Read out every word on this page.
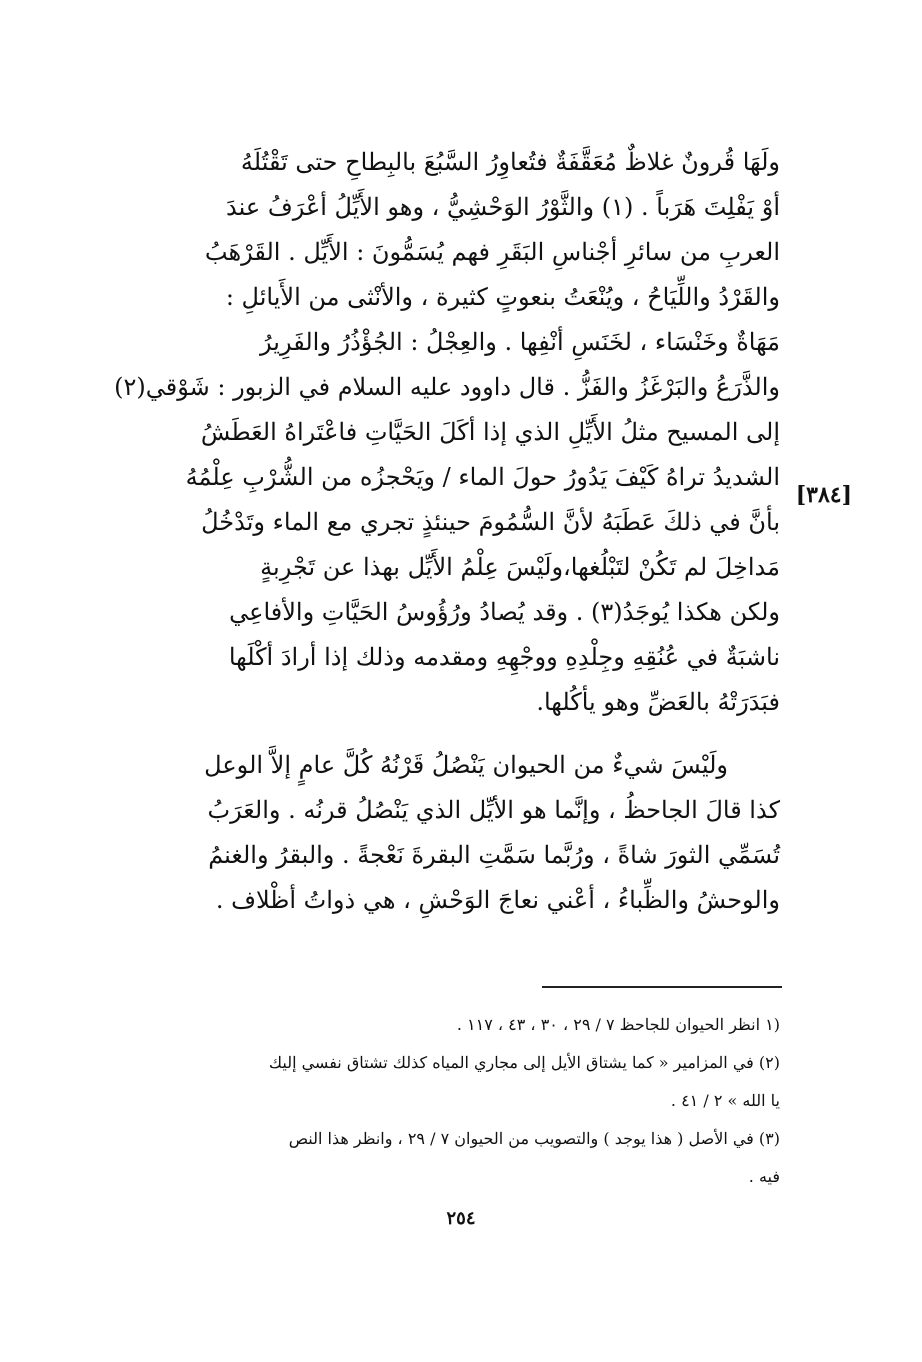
ولَهَا قُرونٌ غلاظٌ مُعَقَّفَةٌ فتُعاوِرُ السَّبُعَ بالبِطاحِ حتى تَقْتُلَهُ
أوْ يَفْلِتَ هَرَباً . (١) والثَّوْرُ الوَحْشِيُّ ، وهو الأَيِّلُ أعْرَفُ عندَ
العربِ من سائرِ أجْناسِ البَقَرِ فهم يُسَمُّونَ : الأَيِّل . القَرْهَبُ
والقَرْدُ واللِّيَاحُ ، ويُنْعَتُ بنعوتٍ كثيرة ، والأنْثى من الأَيائلِ :
مَهَاةٌ وخَنْسَاء ، لخَنَسِ أنْفِها . والعِجْلُ : الجُؤْذُرُ والفَرِيرُ
والذَّرَعُ والبَرْغَزُ والفَزُّ . قال داوود عليه السلام في الزبور : شَوْقي(٢)
إلى المسيح مثلُ الأَيِّلِ الذي إذا أكَلَ الحَيَّاتِ فاعْتَراهُ العَطَشُ
الشديدُ تراهُ كَيْفَ يَدُورُ حولَ الماء / ويَحْجزُه من الشُّرْبِ عِلْمُهُ
بأنَّ في ذلكَ عَطَبَهُ لأنَّ السُّمُومَ حينئذٍ تجري مع الماء وتَدْخُلُ
مَداخِلَ لم تَكُنْ لتَبْلُغها،ولَيْسَ عِلْمُ الأَيِّل بهذا عن تَجْرِبةٍ
ولكن هكذا يُوجَدُ(٣) . وقد يُصادُ ورُؤُوسُ الحَيَّاتِ والأفاعِي
ناشبَةٌ في عُنُقِهِ وجِلْدِهِ ووجْهِهِ ومقدمه وذلك إذا أرادَ أكْلَها
فبَدَرَتْهُ بالعَضِّ وهو يأكُلها.
ولَيْسَ شيءٌ من الحيوان يَنْصُلُ قَرْنُهُ كُلَّ عامٍ إلاَّ الوعل
كذا قالَ الجاحظُ ، وإنَّما هو الأيِّل الذي يَنْصُلُ قرنُه . والعَرَبُ
تُسَمِّي الثورَ شاةً ، ورُبَّما سَمَّتِ البقرةَ نَعْجةً . والبقرُ والغنمُ
والوحشُ والظِّباءُ ، أعْني نعاجَ الوَحْشِ ، هي ذواتُ أظْلاف .
[٣٨٤]
(١ انظر الحيوان للجاحظ ٧ / ٢٩ ، ٣٠ ، ٤٣ ، ١١٧ .
(٢) في المزامير « كما يشتاق الأيل إلى مجاري المياه كذلك تشتاق نفسي إليك
يا الله » ٢ / ٤١ .
(٣) في الأصل ( هذا يوجد ) والتصويب من الحيوان ٧ / ٢٩ ، وانظر هذا النص
فيه .
٢٥٤
